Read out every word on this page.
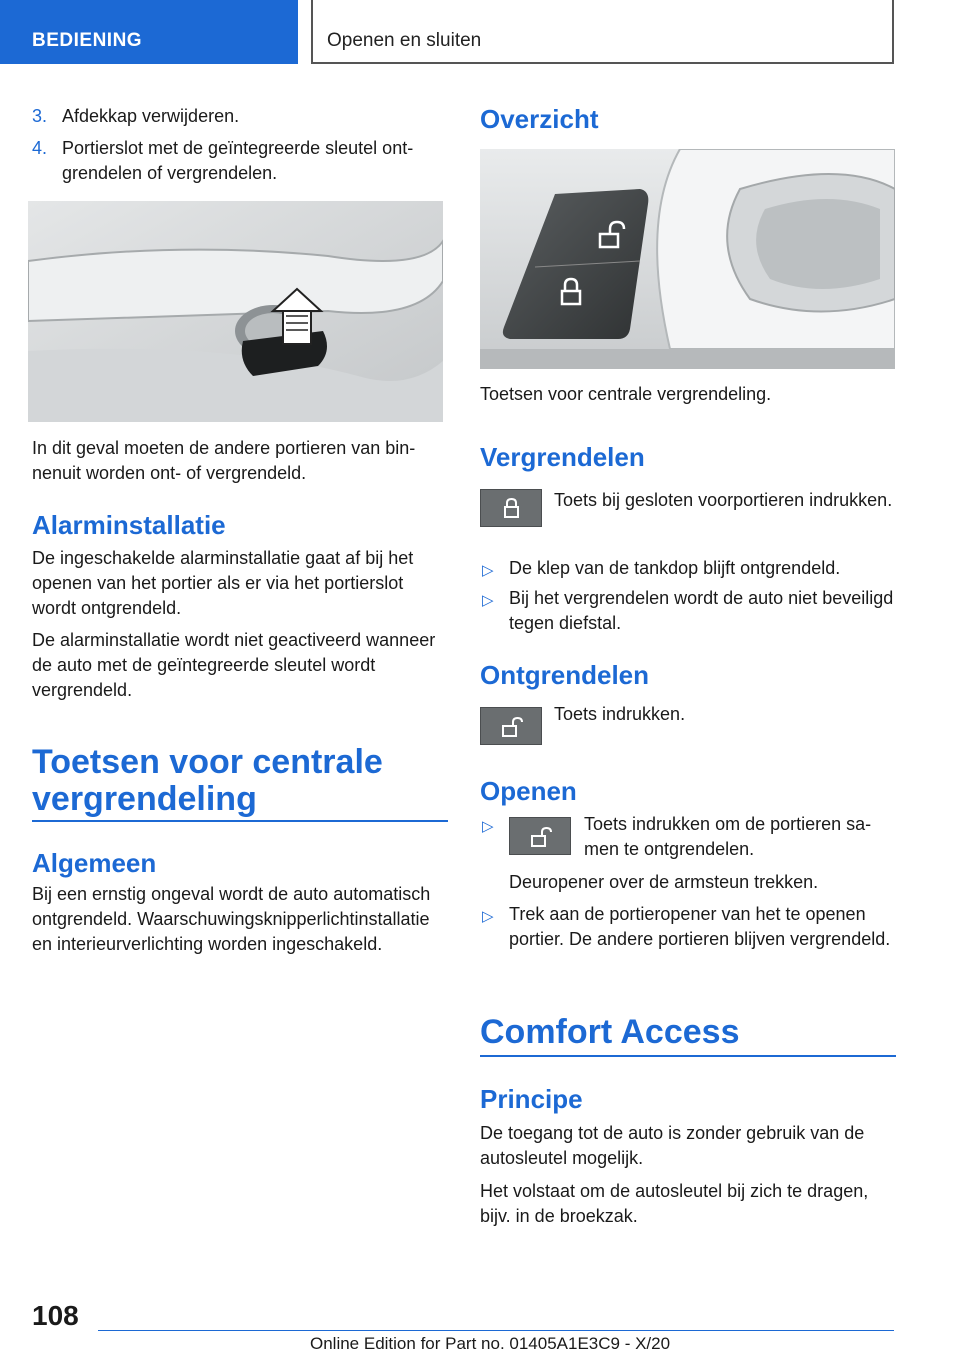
BEDIENING	Openen en sluiten
3. Afdekkap verwijderen.
4. Portierslot met de geïntegreerde sleutel ontgrendelen of vergrendelen.

In dit geval moeten de andere portieren van binnenuit worden ont- of vergrendeld.

Alarminstallatie

De ingeschakelde alarminstallatie gaat af bij het openen van het portier als er via het portierslot wordt ontgrendeld.

De alarminstallatie wordt niet geactiveerd wanneer de auto met de geïntegreerde sleutel wordt vergrendeld.

Toetsen voor centrale vergrendeling
Algemeen

Bij een ernstig ongeval wordt de auto automatisch ontgrendeld. Waarschuwingsknipperlichtinstallatie en interieurverlichting worden ingeschakeld.

Overzicht

Toetsen voor centrale vergrendeling.

Vergrendelen

Toets bij gesloten voorportieren indrukken.

▷ De klep van de tankdop blijft ontgrendeld.
▷ Bij het vergrendelen wordt de auto niet beveiligd tegen diefstal.
Ontgrendelen

Toets indrukken.

Openen
▷	Toets indrukken om de portieren samen te ontgrendelen.

Deuropener over de armsteun trekken.

▷ Trek aan de portieropener van het te openen portier. De andere portieren blijven vergrendeld.
Comfort Access
Principe

De toegang tot de auto is zonder gebruik van de autosleutel mogelijk.

Het volstaat om de autosleutel bij zich te dragen, bijv. in de broekzak.

108
Online Edition for Part no. 01405A1E3C9 - X/20
